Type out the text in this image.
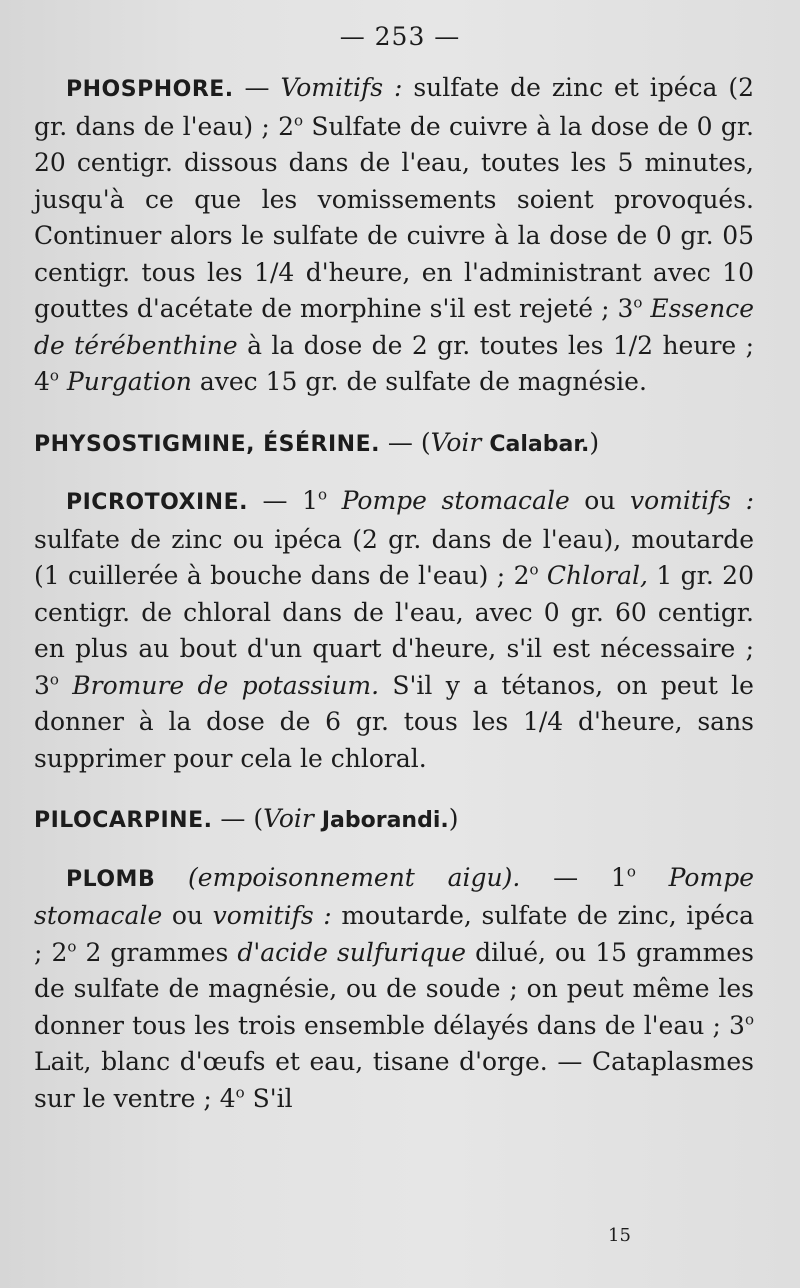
— 253 —

PHOSPHORE. — Vomitifs : sulfate de zinc et ipéca (2 gr. dans de l'eau) ; 2$^o$ Sulfate de cuivre à la dose de 0 gr. 20 centigr. dissous dans de l'eau, toutes les 5 minutes, jusqu'à ce que les vomissements soient provoqués. Continuer alors le sulfate de cuivre à la dose de 0 gr. 05 centigr. tous les 1/4 d'heure, en l'administrant avec 10 gouttes d'acétate de morphine s'il est rejeté ; 3$^o$ Essence de térébenthine à la dose de 2 gr. toutes les 1/2 heure ; 4$^o$ Purgation avec 15 gr. de sulfate de magnésie.

PHYSOSTIGMINE, ÉSÉRINE. — (Voir Calabar.)

PICROTOXINE. — 1$^o$ Pompe stomacale ou vomitifs : sulfate de zinc ou ipéca (2 gr. dans de l'eau), moutarde (1 cuillerée à bouche dans de l'eau) ; 2$^o$ Chloral, 1 gr. 20 centigr. de chloral dans de l'eau, avec 0 gr. 60 centigr. en plus au bout d'un quart d'heure, s'il est nécessaire ; 3$^o$ Bromure de potassium. S'il y a tétanos, on peut le donner à la dose de 6 gr. tous les 1/4 d'heure, sans supprimer pour cela le chloral.

PILOCARPINE. — (Voir Jaborandi.)

PLOMB (empoisonnement aigu). — 1$^o$ Pompe stomacale ou vomitifs : moutarde, sulfate de zinc, ipéca ; 2$^o$ 2 grammes d'acide sulfurique dilué, ou 15 grammes de sulfate de magnésie, ou de soude ; on peut même les donner tous les trois ensemble délayés dans de l'eau ; 3$^o$ Lait, blanc d'œufs et eau, tisane d'orge. — Cataplasmes sur le ventre ; 4$^o$ S'il

15
